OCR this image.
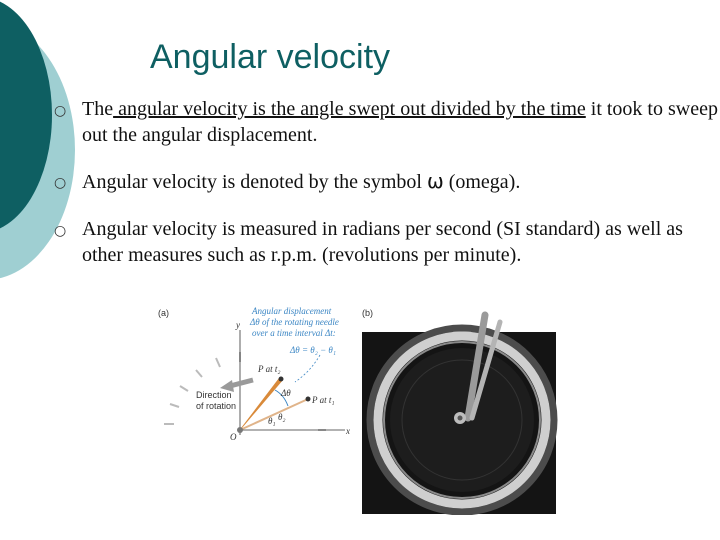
Angular velocity
○ The angular velocity is the angle swept out divided by the time it took to sweep out the angular displacement.
○ Angular velocity is denoted by the symbol ω (omega).
○ Angular velocity is measured in radians per second (SI standard) as well as other measures such as r.p.m. (revolutions per minute).
(a)
y
x
Angular displacement
Δθ of the rotating needle
over a time interval Δt:
Δθ = θ₂ − θ₁
Direction
of rotation
P at t₂
P at t₁
Δθ
θ₁ θ₂
O
(b)
